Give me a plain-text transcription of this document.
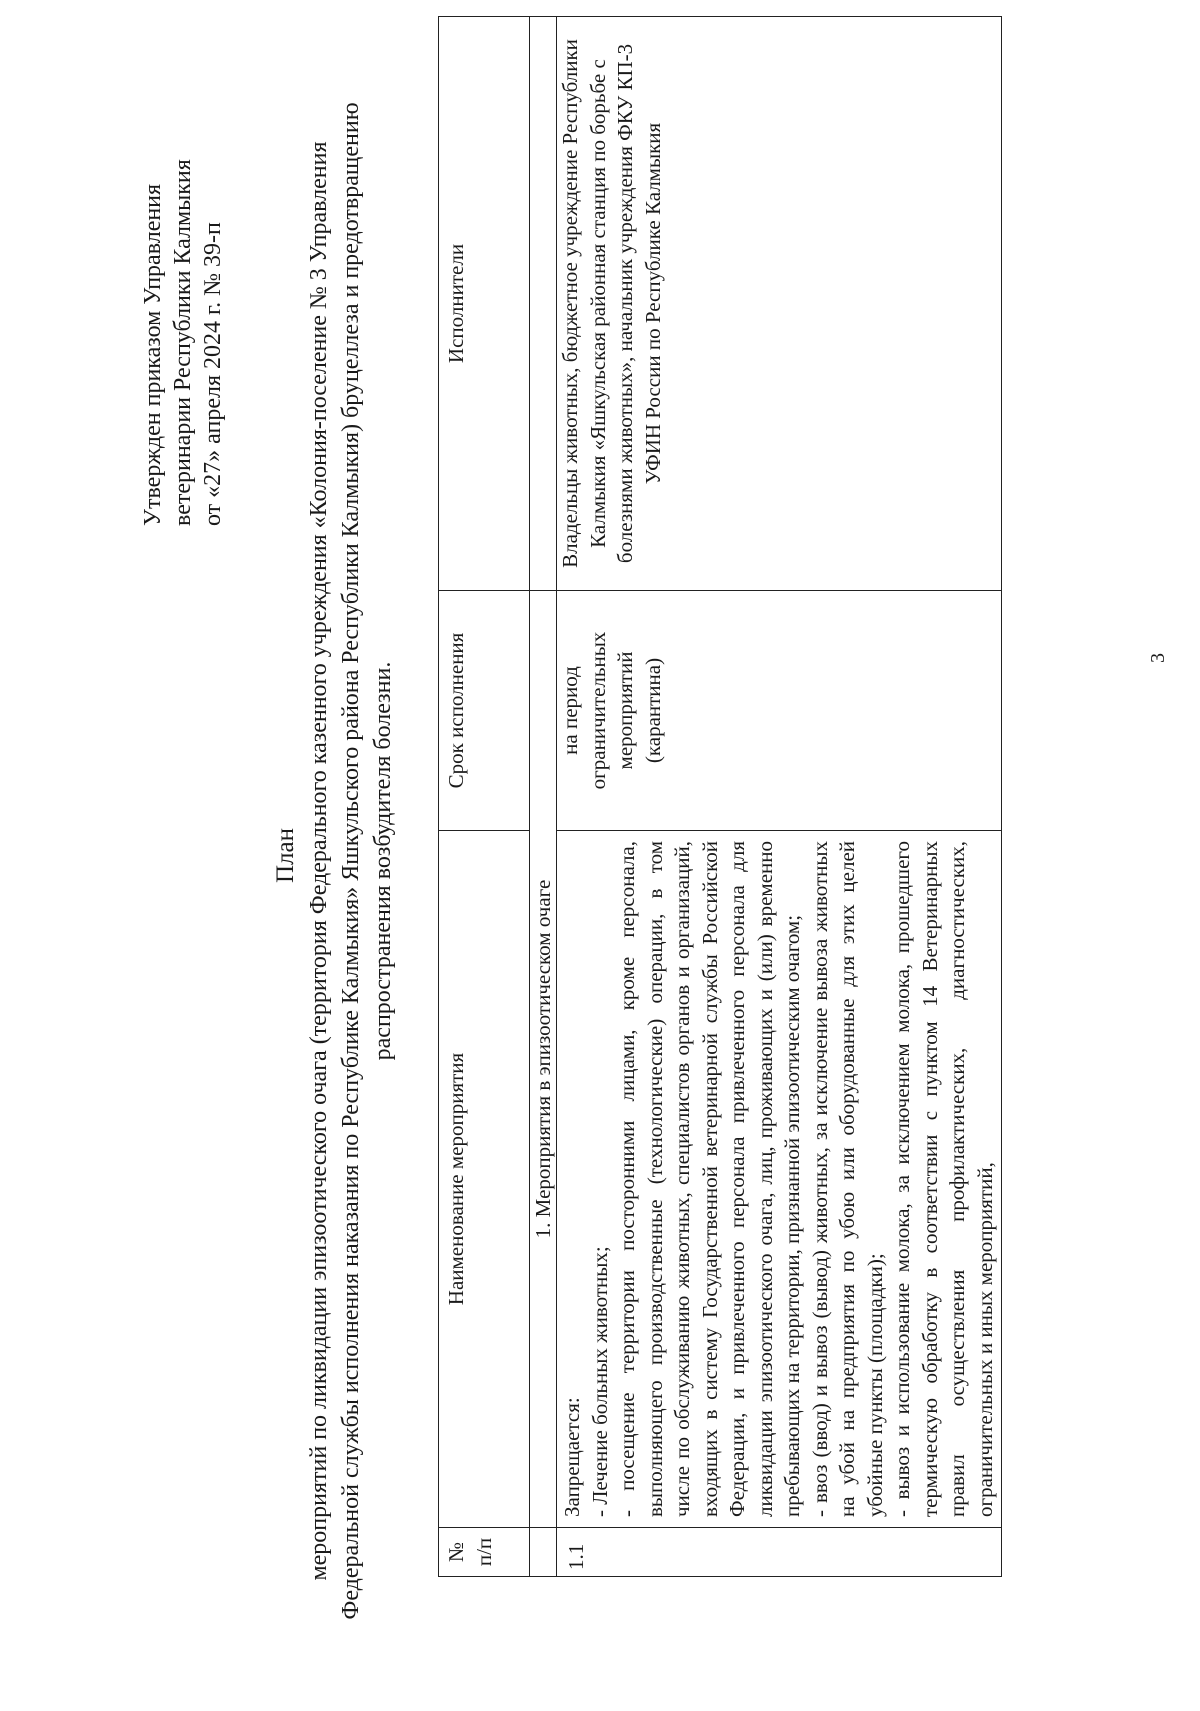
Утвержден приказом Управления ветеринарии Республики Калмыкия от «27» апреля 2024 г. № 39-п
План мероприятий по ликвидации эпизоотического очага (территория Федерального казенного учреждения «Колония-поселение № 3 Управления Федеральной службы исполнения наказания по Республике Калмыкия» Яшкульского района Республики Калмыкия) бруцеллеза и предотвращению распространения возбудителя болезни.
№ п/п	Наименование мероприятия	Срок исполнения	Исполнители
	1. Мероприятия в эпизоотическом очаге		
1.1	Запрещается: - Лечение больных животных; - посещение территории посторонними лицами, кроме персонала, выполняющего производственные (технологические) операции, в том числе по обслуживанию животных, специалистов органов и организаций, входящих в систему Государственной ветеринарной службы Российской Федерации, и привлеченного персонала привлеченного персонала для ликвидации эпизоотического очага, лиц, проживающих и (или) временно пребывающих на территории, признанной эпизоотическим очагом; - ввоз (ввод) и вывоз (вывод) животных, за исключение вывоза животных на убой на предприятия по убою или оборудованные для этих целей убойные пункты (площадки); - вывоз и использование молока, за исключением молока, прошедшего термическую обработку в соответствии с пунктом 14 Ветеринарных правил осуществления профилактических, диагностических, ограничительных и иных мероприятий,	на период ограничительных мероприятий (карантина)	Владельцы животных, бюджетное учреждение Республики Калмыкия «Яшкульская районная станция по борьбе с болезнями животных», начальник учреждения ФКУ КП-3 УФИН России по Республике Калмыкия
3
